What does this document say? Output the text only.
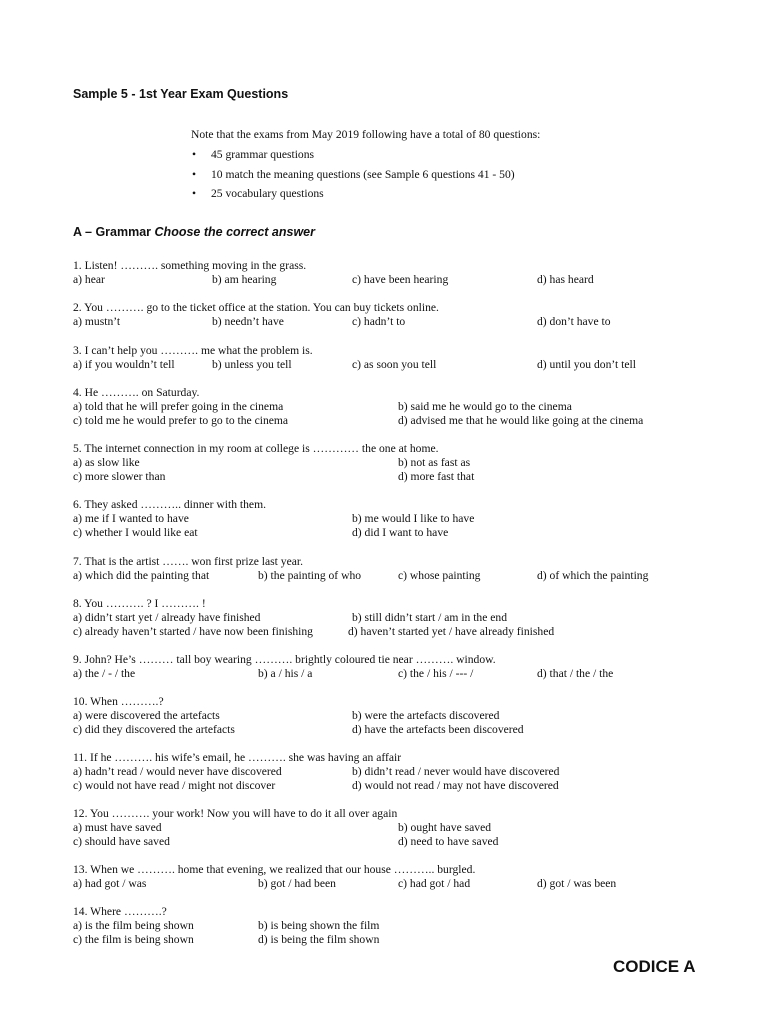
Sample 5 - 1st Year Exam Questions
Note that the exams from May 2019 following have a total of 80 questions:
• 45 grammar questions
• 10 match the meaning questions (see Sample 6 questions 41 - 50)
• 25 vocabulary questions
A – Grammar Choose the correct answer
1. Listen! ………. something moving in the grass.
a) hear	b) am hearing	c) have been hearing	d) has heard
2. You ………. go to the ticket office at the station. You can buy tickets online.
a) mustn’t	b) needn’t have	c) hadn’t to	d) don’t have to
3. I can’t help you ………. me what the problem is.
a) if you wouldn’t tell	b) unless you tell	c) as soon you tell	d) until you don’t tell
4. He ………. on Saturday.
a) told that he will prefer going in the cinema	b) said me he would go to the cinema
c) told me he would prefer to go to the cinema	d) advised me that he would like going at the cinema
5. The internet connection in my room at college is ………… the one at home.
a) as slow like	b) not as fast as
c) more slower than	d) more fast that
6. They asked ……….. dinner with them.
a) me if I wanted to have	b) me would I like to have
c) whether I would like eat	d) did I want to have
7. That is the artist ……. won first prize last year.
a) which did the painting that	b) the painting of who	c) whose painting	d) of which the painting
8. You ………. ? I ………. !
a) didn’t start yet / already have finished	b) still didn’t start / am in the end
c) already haven’t started / have now been finishing	d) haven’t started yet / have already finished
9. John? He’s ……… tall boy wearing ………. brightly coloured tie near ………. window.
a) the / - / the	b) a / his / a	c) the / his / --- /	d) that / the / the
10. When ……….?
a) were discovered the artefacts	b) were the artefacts discovered
c) did they discovered the artefacts	d) have the artefacts been discovered
11. If he ………. his wife’s email, he ………. she was having an affair
a) hadn’t read / would never have discovered	b) didn’t read / never would have discovered
c) would not have read / might not discover	d) would not read / may not have discovered
12. You ………. your work! Now you will have to do it all over again
a) must have saved	b) ought have saved
c) should have saved	d) need to have saved
13. When we ………. home that evening, we realized that our house ……….. burgled.
a) had got / was	b) got / had been	c) had got / had	d) got / was been
14. Where ……….?
a) is the film being shown	b) is being shown the film
c) the film is being shown	d) is being the film shown
CODICE A
